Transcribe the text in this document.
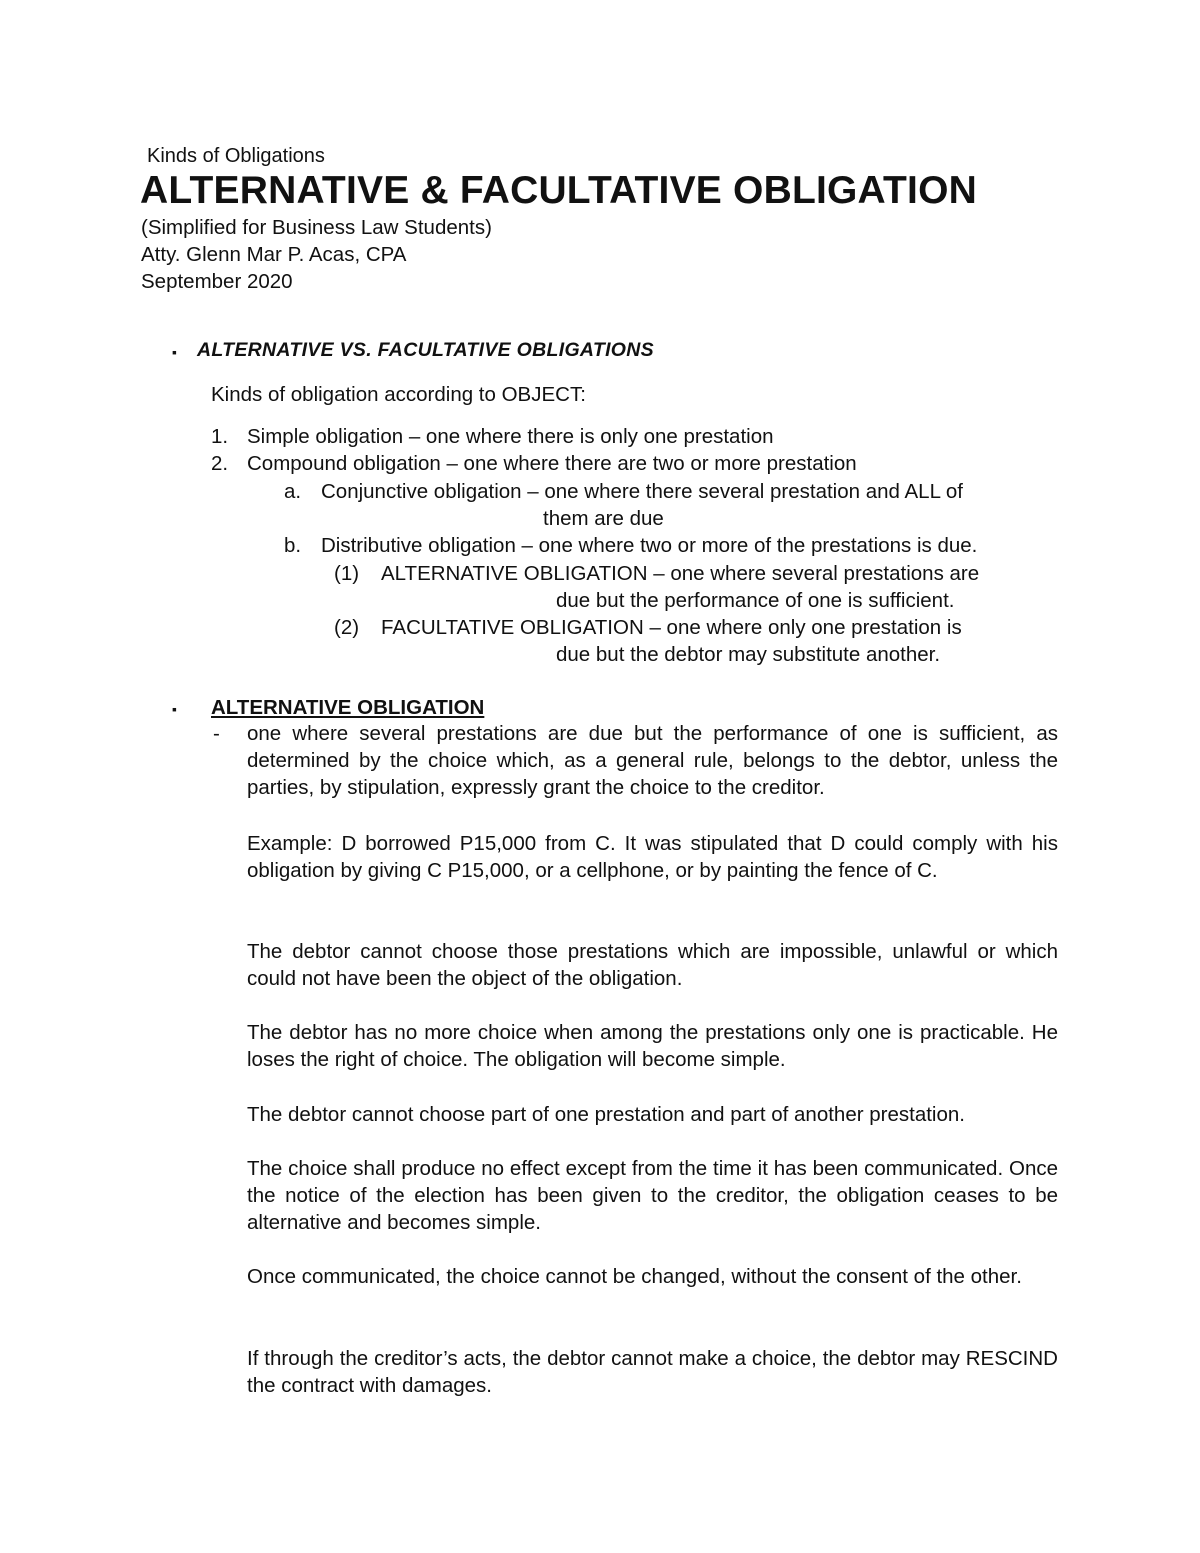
Kinds of Obligations
ALTERNATIVE & FACULTATIVE OBLIGATION
(Simplified for Business Law Students)
Atty. Glenn Mar P. Acas, CPA
September 2020
▪ ALTERNATIVE VS. FACULTATIVE OBLIGATIONS
Kinds of obligation according to OBJECT:
1. Simple obligation – one where there is only one prestation
2. Compound obligation – one where there are two or more prestation
a. Conjunctive obligation – one where there several prestation and ALL of
them are due
b. Distributive obligation – one where two or more of the prestations is due.
(1) ALTERNATIVE OBLIGATION – one where several prestations are
due but the performance of one is sufficient.
(2) FACULTATIVE OBLIGATION – one where only one prestation is
due but the debtor may substitute another.
▪ ALTERNATIVE OBLIGATION
- one where several prestations are due but the performance of one is sufficient, as determined by the choice which, as a general rule, belongs to the debtor, unless the parties, by stipulation, expressly grant the choice to the creditor.
Example: D borrowed P15,000 from C. It was stipulated that D could comply with his obligation by giving C P15,000, or a cellphone, or by painting the fence of C.
The debtor cannot choose those prestations which are impossible, unlawful or which could not have been the object of the obligation.
The debtor has no more choice when among the prestations only one is practicable. He loses the right of choice. The obligation will become simple.
The debtor cannot choose part of one prestation and part of another prestation.
The choice shall produce no effect except from the time it has been communicated. Once the notice of the election has been given to the creditor, the obligation ceases to be alternative and becomes simple.
Once communicated, the choice cannot be changed, without the consent of the other.
If through the creditor’s acts, the debtor cannot make a choice, the debtor may RESCIND the contract with damages.
